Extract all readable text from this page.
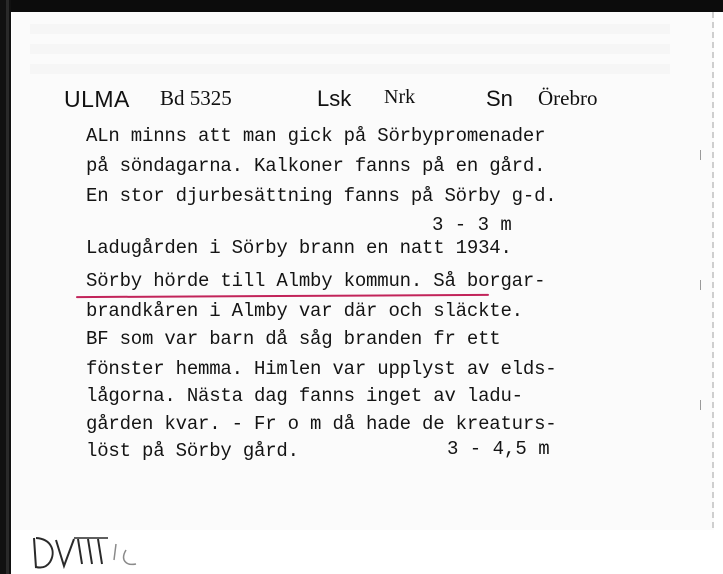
ULMA Bd 5325	Lsk Nrk	Sn Örebro
ALn minns att man gick på Sörbypromenader
på söndagarna. Kalkoner fanns på en gård.
En stor djurbesättning fanns på Sörby g-d.
3 - 3 m
Ladugården i Sörby brann en natt 1934.
Sörby hörde till Almby kommun. Så borgar-
brandkåren i Almby var där och släckte.
BF som var barn då såg branden fr ett
fönster hemma. Himlen var upplyst av elds-
lågorna. Nästa dag fanns inget av ladu-
gården kvar. - Fr o m då hade de kreaturs-
löst på Sörby gård.	3 - 4,5 m
